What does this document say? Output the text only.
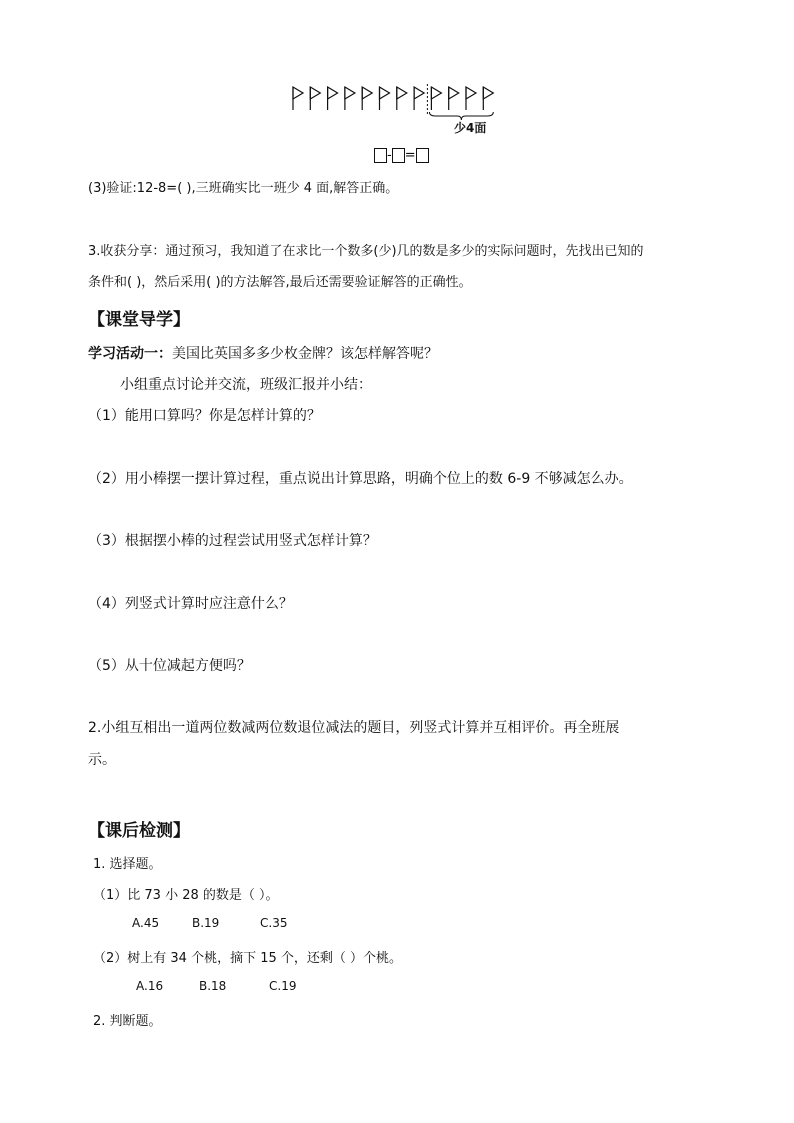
少4面
- =
(3)验证:12-8=( ),三班确实比一班少 4 面,解答正确。
3.收获分享：通过预习，我知道了在求比一个数多(少)几的数是多少的实际问题时，先找出已知的
条件和( )，然后采用( )的方法解答,最后还需要验证解答的正确性。
【课堂导学】
学习活动一：美国比英国多多少枚金牌？该怎样解答呢？
小组重点讨论并交流，班级汇报并小结：
（1）能用口算吗？你是怎样计算的？
（2）用小棒摆一摆计算过程，重点说出计算思路，明确个位上的数 6-9 不够减怎么办。
（3）根据摆小棒的过程尝试用竖式怎样计算？
（4）列竖式计算时应注意什么？
（5）从十位减起方便吗？
2.小组互相出一道两位数减两位数退位减法的题目，列竖式计算并互相评价。再全班展
示。
【课后检测】
1. 选择题。
（1）比 73 小 28 的数是（ ）。
A.45	B.19	C.35
（2）树上有 34 个桃，摘下 15 个，还剩（ ）个桃。
A.16	B.18	C.19
2. 判断题。
